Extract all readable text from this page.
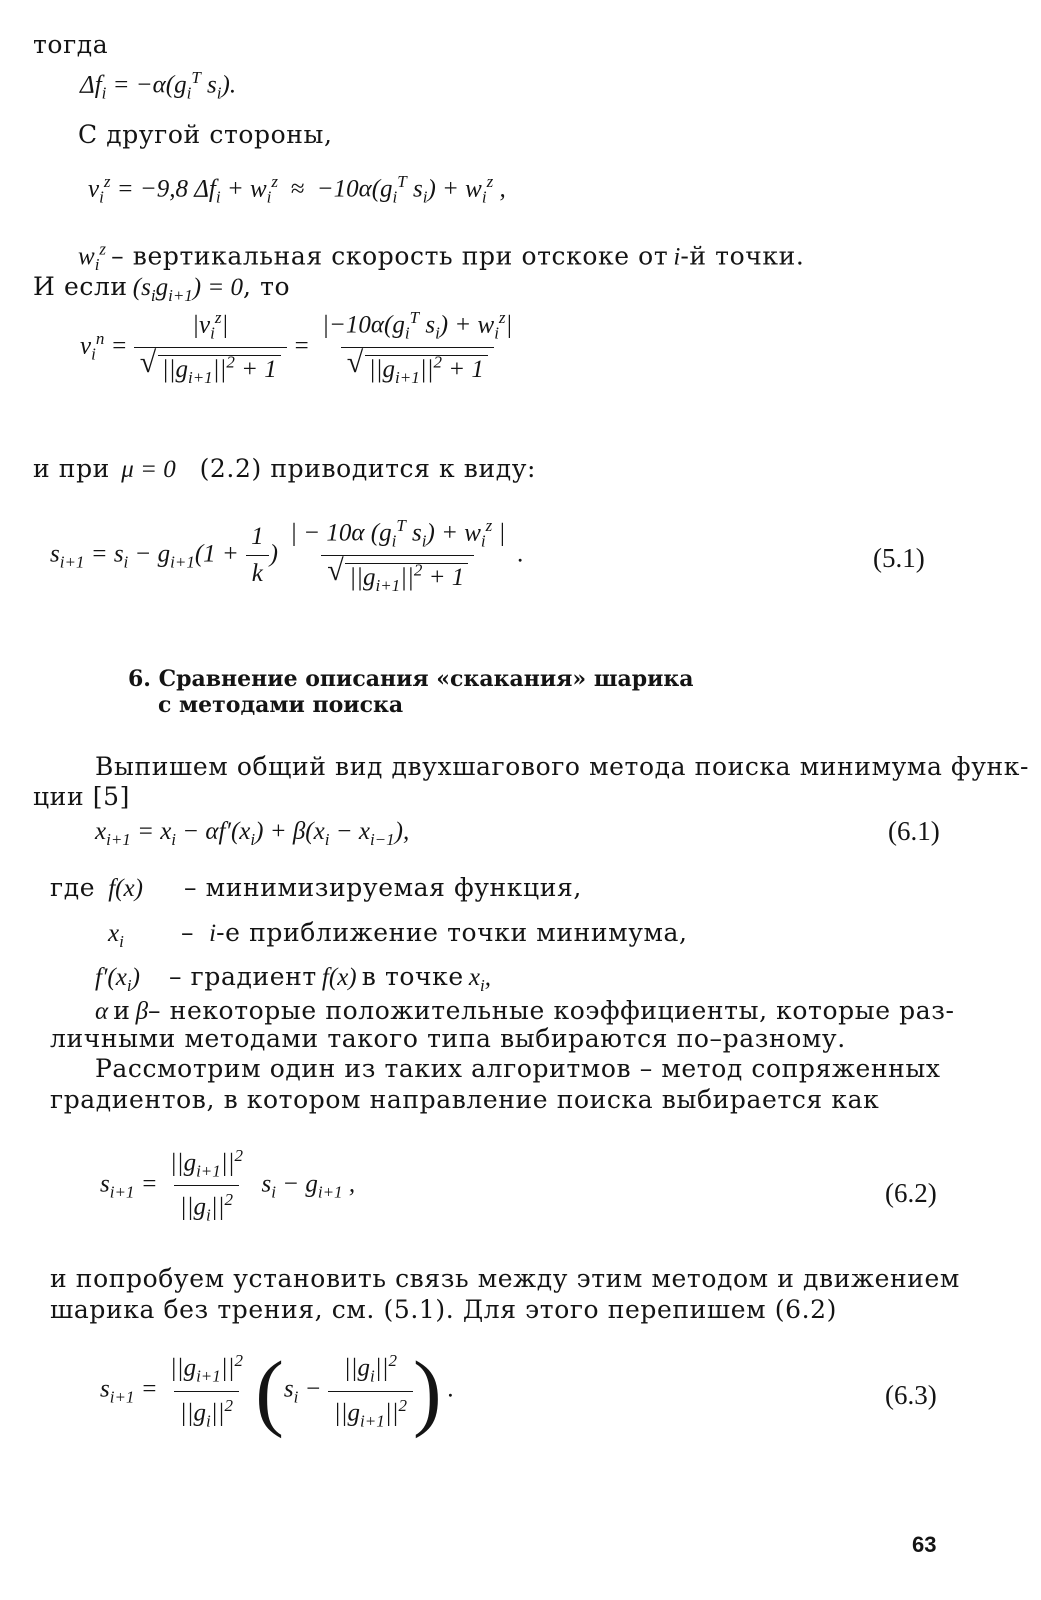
тогда
$\Delta f_i = -\alpha(g_i^T$ $s_i$).
С другой стороны,
$v_i^z = -9,8$ $\Delta f_i + w_i^z \approx -10\alpha(g_i^T$ $s_i) + w_i^z$ ,
$w_i^z$ – вертикальная скорость при отскоке от i-й точки.
И если $(s_ig_{i+1}) = 0$, то
$v_i^n = |v_i^z|$
√ $||g_{i+1}||^2 + 1 = |-10\alpha(g_i^T$ $s_i) + w_i^z|$
√ $||g_{i+1}||^2 + 1$
и при  μ = 0    (2.2) приводится к виду:
$s_{i+1} = s_i - g_{i+1}(1 + \frac{1}{k}$ ) | − 10α ($g_i^T$ $s_i) + w_i^z$ |
√ $||g_{i+1}||^2 + 1$ .	(5.1)
6. Сравнение описания «скакания» шарика
с методами поиска
Выпишем общий вид двухшагового метода поиска минимума функ-
ции [5]
$x_{i+1} = x_i - \alpha f'(x_i) + \beta(x_i - x_{i-1})$,	(6.1)
где f(x) – минимизируемая функция,
$x_i - i-е$ приближение точки минимума,
$f'(x_i)$ – градиент f(x) в точке $x_i$,
α и β– некоторые положительные коэффициенты, которые раз-
личными методами такого типа выбираются по–разному.
Рассмотрим один из таких алгоритмов – метод сопряженных
градиентов, в котором направление поиска выбирается как
$s_{i+1} = \frac{||g_{i+1}||^2}{||g_i||^2} s_i - g_{i+1}$ ,	(6.2)
и попробуем установить связь между этим методом и движением
шарика без трения, см. (5.1). Для этого перепишем (6.2)
$s_{i+1} = \frac{||g_{i+1}||^2}{||g_i||^2} (s_i - \frac{||g_i||^2}{||g_{i+1}||^2}$ ) .	(6.3)
63
